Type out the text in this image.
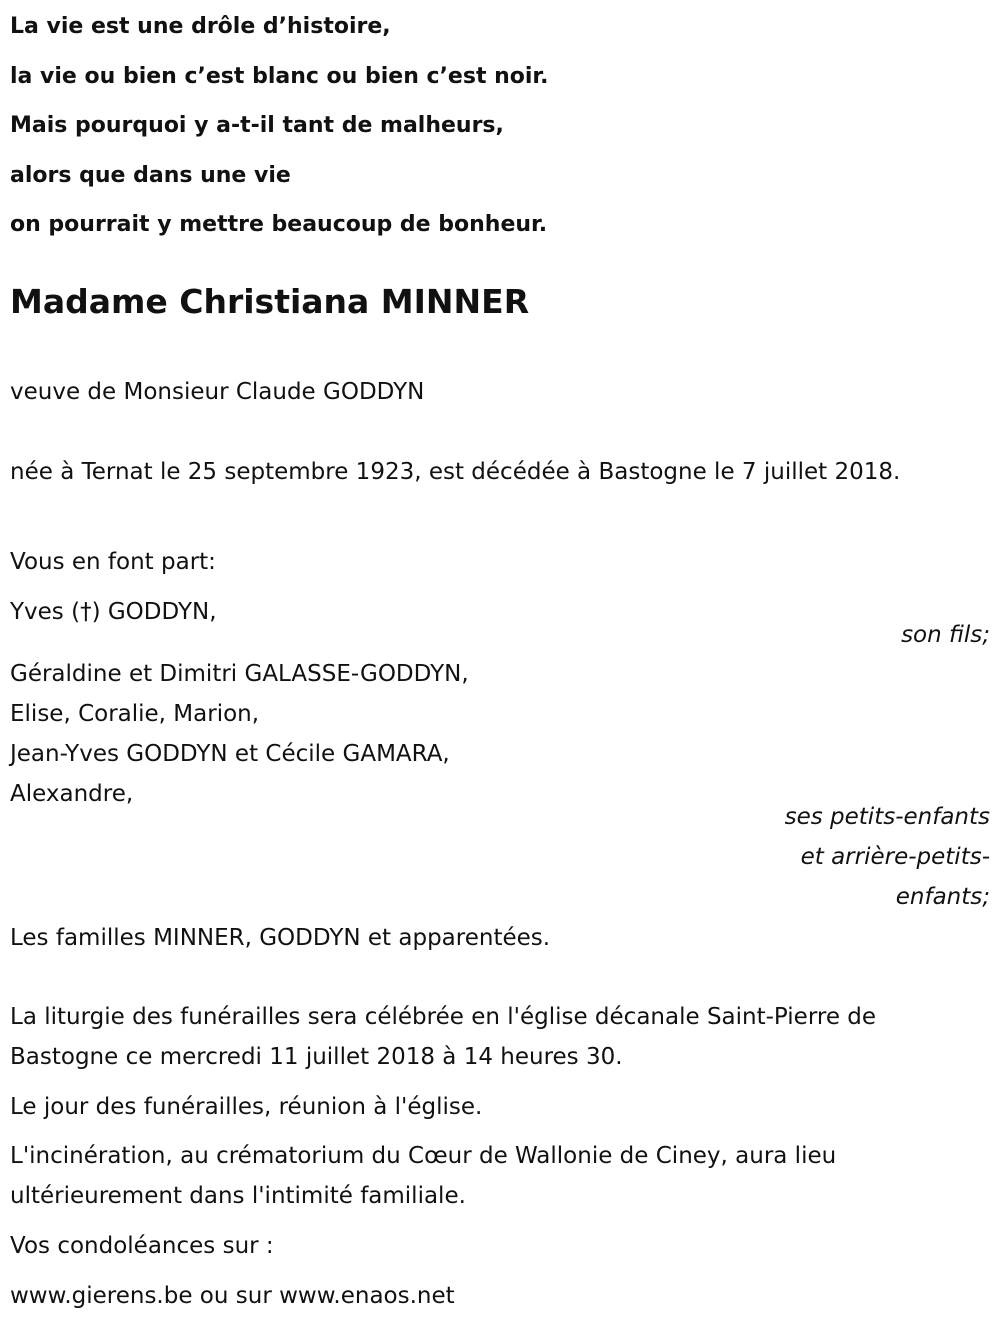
La vie est une drôle d’histoire,

la vie ou bien c’est blanc ou bien c’est noir.

Mais pourquoi y a-t-il tant de malheurs,

alors que dans une vie

on pourrait y mettre beaucoup de bonheur.

Madame Christiana MINNER

veuve de Monsieur Claude GODDYN

née à Ternat le 25 septembre 1923, est décédée à Bastogne le 7 juillet 2018.

Vous en font part:

Yves (†) GODDYN,

son fils;

Géraldine et Dimitri GALASSE-GODDYN,

Elise, Coralie, Marion,

Jean-Yves GODDYN et Cécile GAMARA,

Alexandre,

ses petits-enfants

et arrière-petits-

enfants;

Les familles MINNER, GODDYN et apparentées.

La liturgie des funérailles sera célébrée en l'église décanale Saint-Pierre de Bastogne ce mercredi 11 juillet 2018 à 14 heures 30.

Le jour des funérailles, réunion à l'église.

L'incinération, au crématorium du Cœur de Wallonie de Ciney, aura lieu ultérieurement dans l'intimité familiale.

Vos condoléances sur :

www.gierens.be ou sur www.enaos.net
